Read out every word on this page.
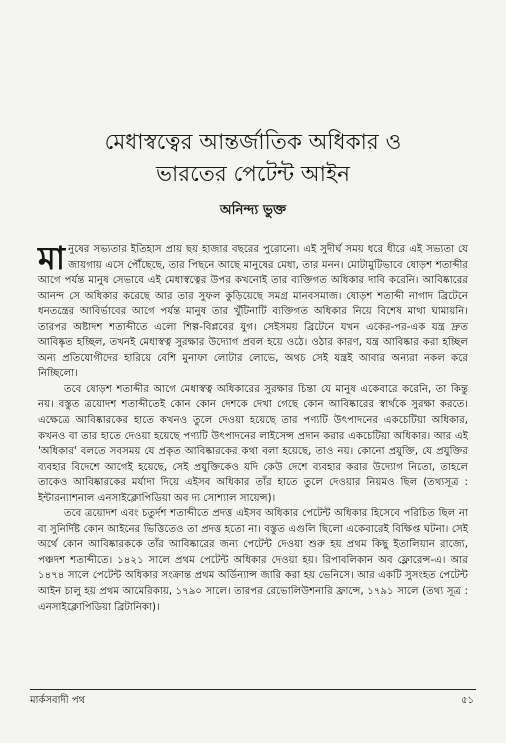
মেধাস্বত্বের আন্তর্জাতিক অধিকার ও
ভারতের পেটেন্ট আইন
অনিন্দ্য ভুক্ত

মানুষের সভ্যতার ইতিহাস প্রায় ছয় হাজার বছরের পুরোনো। এই সুদীর্ঘ সময় ধরে ধীরে এই সভ্যতা যে জায়গায় এসে পৌঁছেছে, তার পিছনে আছে মানুষের মেধা, তার মনন। মোটামুটিভাবে ষোড়শ শতাব্দীর আগে পর্যন্ত মানুষ সেভাবে এই মেধাস্বত্বের উপর কখনোই তার ব্যক্তিগত অধিকার দাবি করেনি। আবিষ্কারের আনন্দ সে অধিকার করেছে আর তার সুফল কুড়িয়েছে সমগ্র মানবসমাজ। ষোড়শ শতাব্দী নাগাদ ব্রিটেনে ধনতন্ত্রের আবির্ভাবের আগে পর্যন্ত মানুষ তার খুঁটিনাটি ব্যক্তিগত অধিকার নিয়ে বিশেষ মাথা ঘামায়নি। তারপর অষ্টাদশ শতাব্দীতে এলো শিল্প-বিপ্লবের যুগ। সেইসময় ব্রিটেনে যখন একের-পর-এক যন্ত্র দ্রুত আবিষ্কৃত হচ্ছিল, তখনই মেধাস্বত্ব সুরক্ষার উদ্যোগ প্রবল হয়ে ওঠে। ওঠার কারণ, যন্ত্র আবিষ্কার করা হচ্ছিল অন্য প্রতিযোগীদের হারিয়ে বেশি মুনাফা লোটার লোভে, অথচ সেই যন্ত্রই আবার অন্যরা নকল করে নিচ্ছিলো।

তবে ষোড়শ শতাব্দীর আগে মেধাস্বত্ব অধিকারের সুরক্ষার চিন্তা যে মানুষ একেবারে করেনি, তা কিন্তু নয়। বস্তুত ত্রয়োদশ শতাব্দীতেই কোন কোন দেশকে দেখা গেছে কোন আবিষ্কারের স্বার্থকে সুরক্ষা করতে। এক্ষেত্রে আবিষ্কারকের হাতে কখনও তুলে দেওয়া হয়েছে তার পণ্যটি উৎপাদনের একচেটিয়া অধিকার, কখনও বা তার হাতে দেওয়া হয়েছে পণ্যটি উৎপাদনের লাইসেন্স প্রদান করার একচেটিয়া অধিকার। আর এই 'অধিকার' বলতে সবসময় যে প্রকৃত আবিষ্কারকের কথা বলা হয়েছে, তাও নয়। কোনো প্রযুক্তি, যে প্রযুক্তির ব্যবহার বিদেশে আগেই হয়েছে, সেই প্রযুক্তিকেও যদি কেউ দেশে ব্যবহার করার উদ্যোগ নিতো, তাহলে তাকেও আবিষ্কারকের মর্যাদা দিয়ে এইসব অধিকার তাঁর হাতে তুলে দেওয়ার নিয়মও ছিল (তথ্যসূত্র : ইন্টারন্যাশনাল এনসাইক্লোপিডিয়া অব দ্য সোশ্যাল সায়েন্স)।

তবে ত্রয়োদশ এবং চতুর্দশ শতাব্দীতে প্রদত্ত এইসব অধিকার পেটেন্ট অধিকার হিসেবে পরিচিত ছিল না বা সুনির্দিষ্ট কোন আইনের ভিত্তিতেও তা প্রদত্ত হতো না। বস্তুত এগুলি ছিলো একেবারেই বিক্ষিপ্ত ঘটনা। সেই অর্থে কোন আবিষ্কারককে তাঁর আবিষ্কারের জন্য পেটেন্ট দেওয়া শুরু হয় প্রথম কিছু ইতালিয়ান রাজ্যে, পঞ্চদশ শতাব্দীতে। ১৪২১ সালে প্রথম পেটেন্ট অধিকার দেওয়া হয়। রিপাবলিকান অব ফ্লোরেন্স-এ। আর ১৪৭৪ সালে পেটেন্ট অধিকার সংক্রান্ত প্রথম অর্ডিন্যান্স জারি করা হয় ভেনিসে। আর একটি সুসংহত পেটেন্ট আইন চালু হয় প্রথম আমেরিকায়, ১৭৯০ সালে। তারপর রেভোলিউশনারি ফ্রান্সে, ১৭৯১ সালে (তথ্য সূত্র : এনসাইক্লোপিডিয়া ব্রিটানিকা)।

মার্কসবাদী পথ	৫১
